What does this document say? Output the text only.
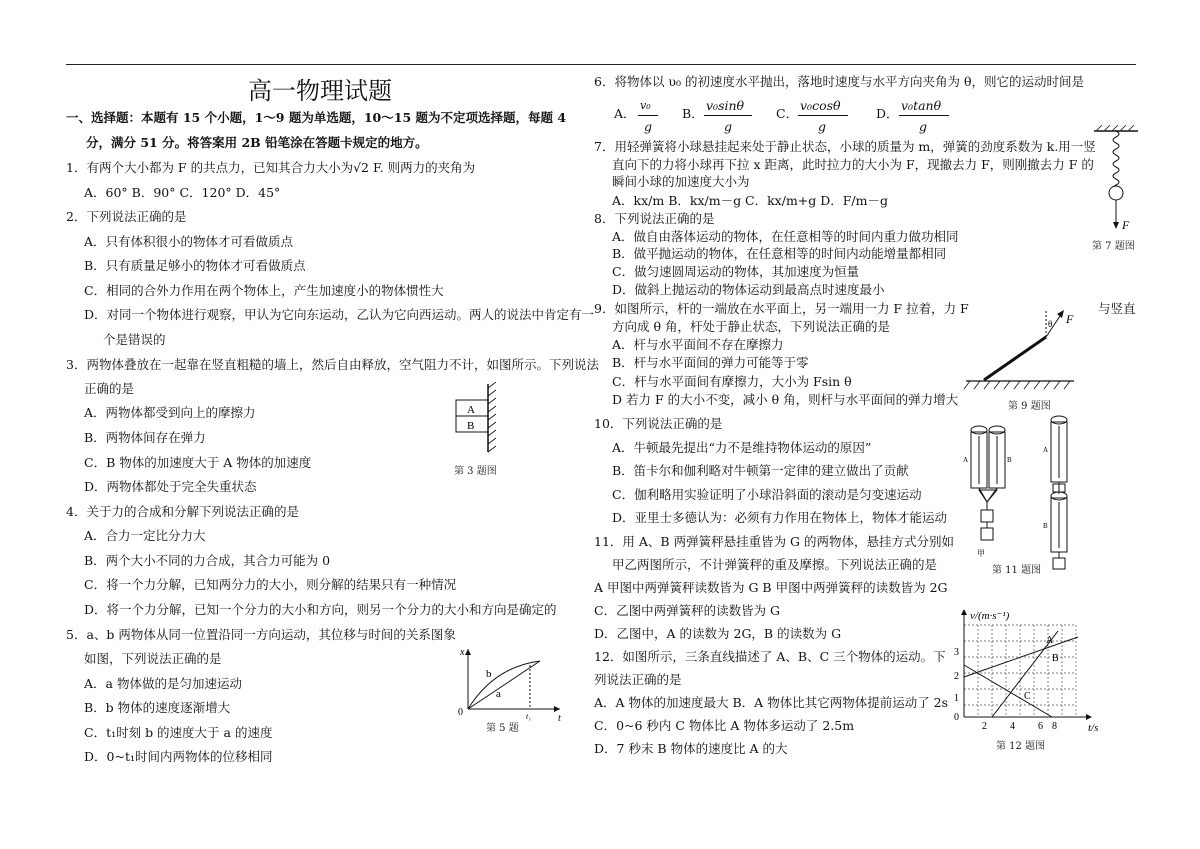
高一物理试题
一、选择题：本题有 15 个小题，1～9 题为单选题，10～15 题为不定项选择题，每题 4
分，满分 51 分。将答案用 2B 铅笔涂在答题卡规定的地方。
1．有两个大小都为 F 的共点力，已知其合力大小为√2 F. 则两力的夹角为
A．60° B．90° C．120° D．45°
2．下列说法正确的是
A．只有体积很小的物体才可看做质点
B．只有质量足够小的物体才可看做质点
C．相同的合外力作用在两个物体上，产生加速度小的物体惯性大
D．对同一个物体进行观察，甲认为它向东运动，乙认为它向西运动。两人的说法中肯定有一
个是错误的
3．两物体叠放在一起靠在竖直粗糙的墙上，然后自由释放，空气阻力不计，如图所示。下列说法
正确的是
A．两物体都受到向上的摩擦力
B．两物体间存在弹力
C．B 物体的加速度大于 A 物体的加速度
D．两物体都处于完全失重状态
A
B
第 3 题图
4．关于力的合成和分解下列说法正确的是
A．合力一定比分力大
B．两个大小不同的力合成，其合力可能为 0
C．将一个力分解，已知两分力的大小，则分解的结果只有一种情况
D．将一个力分解，已知一个分力的大小和方向，则另一个分力的大小和方向是确定的
5．a、b 两物体从同一位置沿同一方向运动，其位移与时间的关系图象
如图，下列说法正确的是
A．a 物体做的是匀加速运动
B．b 物体的速度逐渐增大
C．t₁时刻 b 的速度大于 a 的速度
D．0~t₁时间内两物体的位移相同
x
t
t₁
0
b
a
第 5 题
6．将物体以 υ₀ 的初速度水平抛出，落地时速度与水平方向夹角为 θ，则它的运动时间是
A．
v₀
g
B．
v₀sinθ
g
C．
v₀cosθ
g
D．
v₀tanθ
g
7．用轻弹簧将小球悬挂起来处于静止状态，小球的质量为 m，弹簧的劲度系数为 k.用一竖
直向下的力将小球再下拉 x 距离，此时拉力的大小为 F，现撤去力 F，则刚撤去力 F 的
瞬间小球的加速度大小为
A．kx/m B．kx/m－g C．kx/m+g D．F/m－g
F
第 7 题图
8．下列说法正确的是
A．做自由落体运动的物体，在任意相等的时间内重力做功相同
B．做平抛运动的物体，在任意相等的时间内动能增量都相同
C．做匀速圆周运动的物体，其加速度为恒量
D．做斜上抛运动的物体运动到最高点时速度最小
9．如图所示，杆的一端放在水平面上，另一端用一力 F 拉着，力 F	与竖直
方向成 θ 角，杆处于静止状态，下列说法正确的是
A．杆与水平面间不存在摩擦力
B．杆与水平面间的弹力可能等于零
C．杆与水平面间有摩擦力，大小为 Fsin θ
D 若力 F 的大小不变，减小 θ 角，则杆与水平面间的弹力增大
θ F
第 9 题图
10．下列说法正确的是
A．牛顿最先提出“力不是维持物体运动的原因”
B．笛卡尔和伽利略对牛顿第一定律的建立做出了贡献
C．伽利略用实验证明了小球沿斜面的滚动是匀变速运动
D．亚里士多德认为：必须有力作用在物体上，物体才能运动
11．用 A、B 两弹簧秤悬挂重皆为 G 的两物体，悬挂方式分别如
甲乙两图所示，不计弹簧秤的重及摩擦。下列说法正确的是
A 甲图中两弹簧秤读数皆为 G B 甲图中两弹簧秤的读数皆为 2G
C．乙图中两弹簧秤的读数皆为 G
D．乙图中，A 的读数为 2G，B 的读数为 G
A	B
甲
A
B
第 11 题图
12．如图所示，三条直线描述了 A、B、C 三个物体的运动。下
列说法正确的是
A．A 物体的加速度最大 B．A 物体比其它两物体提前运动了 2s
C．0~6 秒内 C 物体比 A 物体多运动了 2.5m
D．7 秒末 B 物体的速度比 A 的大
v/(m·s⁻¹)
t/s
3
2
1
0
2 4 6 8
A
B
C
第 12 题图
